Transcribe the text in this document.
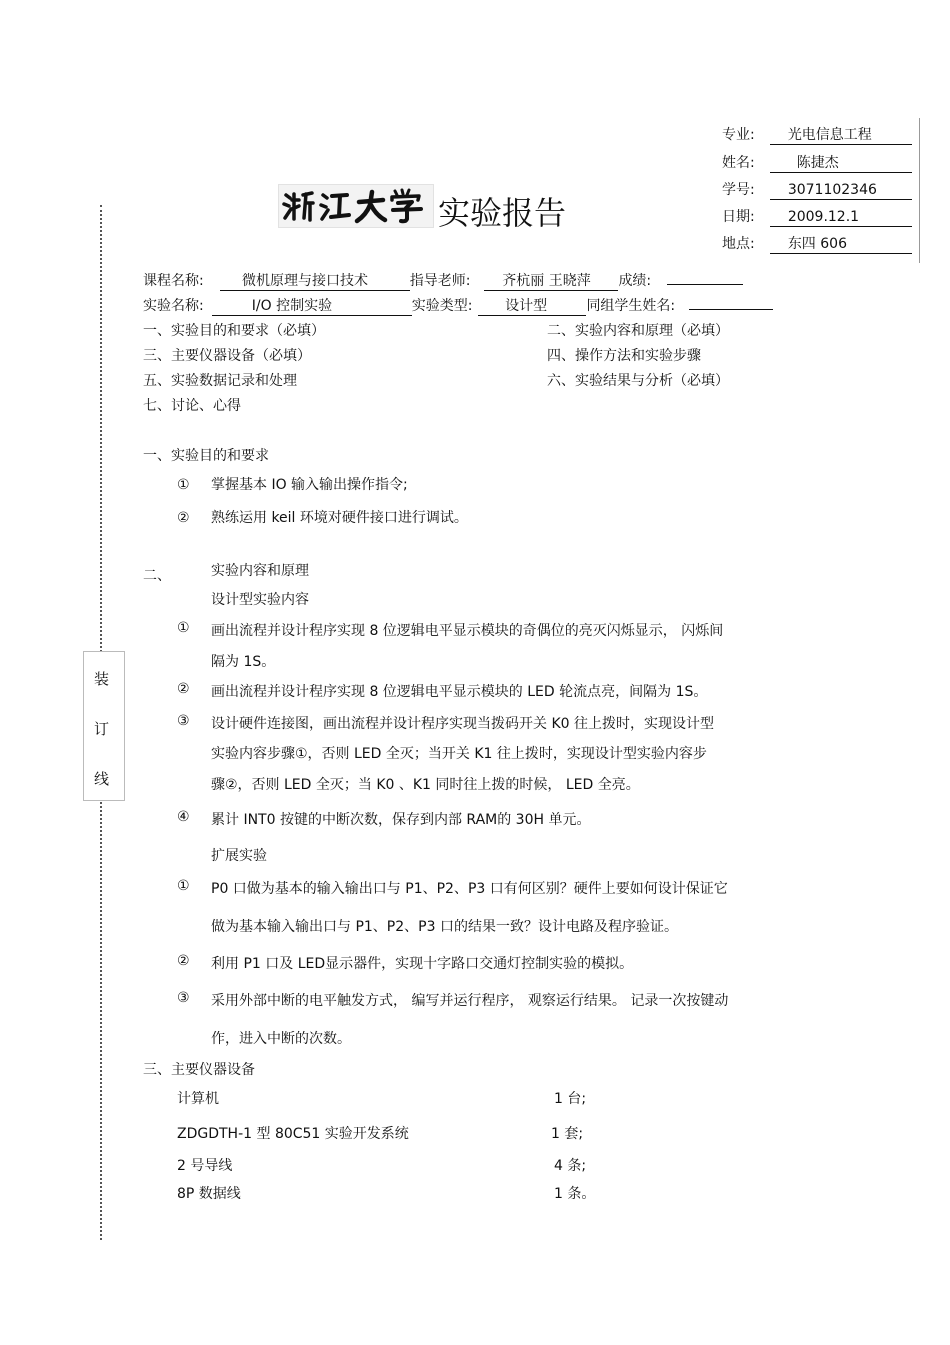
专业: 光电信息工程
姓名:	陈捷杰
学号: 3071102346
日期: 2009.12.1
地点: 东四 606
实验报告
课程名称:	微机原理与接口技术	指导老师: 齐杭丽 王晓萍 成绩:
实验名称:	I/O 控制实验	实验类型: 设计型	同组学生姓名:
一、实验目的和要求（必填）	二、实验内容和原理（必填）
三、主要仪器设备（必填）	四、操作方法和实验步骤
五、实验数据记录和处理	六、实验结果与分析（必填）
七、讨论、心得
装
订
线
一、实验目的和要求
① 掌握基本 IO 输入输出操作指令;
② 熟练运用 keil 环境对硬件接口进行调试。
二、	实验内容和原理
设计型实验内容
① 画出流程并设计程序实现 8 位逻辑电平显示模块的奇偶位的亮灭闪烁显示， 闪烁间
隔为 1S。
② 画出流程并设计程序实现 8 位逻辑电平显示模块的 LED 轮流点亮，间隔为 1S。
③ 设计硬件连接图，画出流程并设计程序实现当拨码开关 K0 往上拨时，实现设计型
实验内容步骤①，否则 LED 全灭；当开关 K1 往上拨时，实现设计型实验内容步
骤②，否则 LED 全灭；当 K0 、K1 同时往上拨的时候， LED 全亮。
④ 累计 INT0 按键的中断次数，保存到内部 RAM的 30H 单元。
扩展实验
① P0 口做为基本的输入输出口与 P1、P2、P3 口有何区别？硬件上要如何设计保证它
做为基本输入输出口与 P1、P2、P3 口的结果一致？设计电路及程序验证。
② 利用 P1 口及 LED显示器件，实现十字路口交通灯控制实验的模拟。
③ 采用外部中断的电平触发方式， 编写并运行程序， 观察运行结果。 记录一次按键动
作，进入中断的次数。
三、主要仪器设备
计算机	1 台;
ZDGDTH-1 型 80C51 实验开发系统	1 套;
2 号导线	4 条;
8P 数据线	1 条。
